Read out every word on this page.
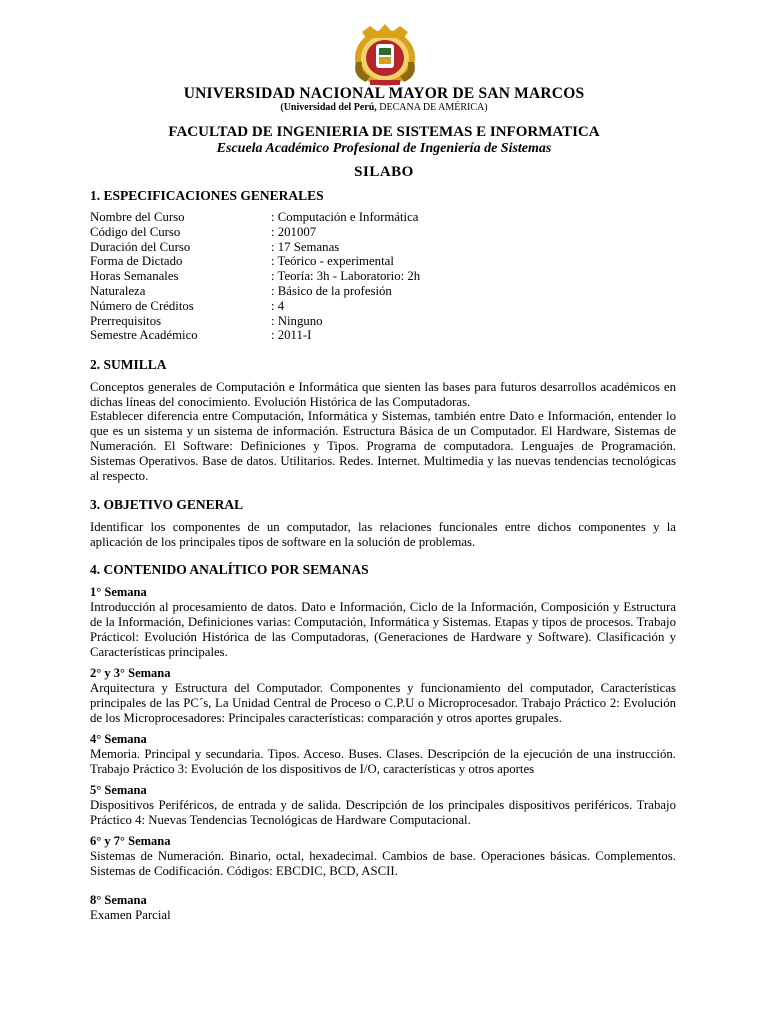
UNIVERSIDAD NACIONAL MAYOR DE SAN MARCOS
(Universidad del Perú, DECANA DE AMÉRICA)
FACULTAD DE INGENIERIA DE SISTEMAS E INFORMATICA
Escuela Académico Profesional de Ingeniería de Sistemas
SILABO
1. ESPECIFICACIONES GENERALES
Nombre del Curso	: Computación e Informática
Código del Curso	: 201007
Duración del Curso	: 17 Semanas
Forma de Dictado	: Teórico - experimental
Horas Semanales	: Teoría: 3h - Laboratorio: 2h
Naturaleza	: Básico de la profesión
Número de Créditos	: 4
Prerrequisitos	: Ninguno
Semestre Académico	: 2011-I
2. SUMILLA
Conceptos generales de Computación e Informática que sienten las bases para futuros desarrollos académicos en dichas líneas del conocimiento. Evolución Histórica de las Computadoras.
Establecer diferencia entre Computación, Informática y Sistemas, también entre Dato e Información, entender lo que es un sistema y un sistema de información. Estructura Básica de un Computador. El Hardware, Sistemas de Numeración. El Software: Definiciones y Tipos. Programa de computadora. Lenguajes de Programación. Sistemas Operativos. Base de datos. Utilitarios. Redes. Internet. Multimedia y las nuevas tendencias tecnológicas al respecto.
3. OBJETIVO GENERAL
Identificar los componentes de un computador, las relaciones funcionales entre dichos componentes y la aplicación de los principales tipos de software en la solución de problemas.
4. CONTENIDO ANALÍTICO POR SEMANAS
1° Semana
Introducción al procesamiento de datos. Dato e Información, Ciclo de la Información, Composición y Estructura de la Información, Definiciones varias: Computación, Informática y Sistemas. Etapas y tipos de procesos. Trabajo Prácticol: Evolución Histórica de las Computadoras, (Generaciones de Hardware y Software). Clasificación y Características principales.
2° y 3° Semana
Arquitectura y Estructura del Computador. Componentes y funcionamiento del computador, Características principales de las PC´s, La Unidad Central de Proceso o C.P.U o Microprocesador. Trabajo Práctico 2: Evolución de los Microprocesadores: Principales características: comparación y otros aportes grupales.
4° Semana
Memoria. Principal y secundaria. Tipos. Acceso. Buses. Clases. Descripción de la ejecución de una instrucción. Trabajo Práctico 3: Evolución de los dispositivos de I/O, características y otros aportes
5° Semana
Dispositivos Periféricos, de entrada y de salida. Descripción de los principales dispositivos periféricos. Trabajo Práctico 4: Nuevas Tendencias Tecnológicas de Hardware Computacional.
6° y 7° Semana
Sistemas de Numeración. Binario, octal, hexadecimal. Cambios de base. Operaciones básicas. Complementos. Sistemas de Codificación. Códigos: EBCDIC, BCD, ASCII.
8° Semana
Examen Parcial
